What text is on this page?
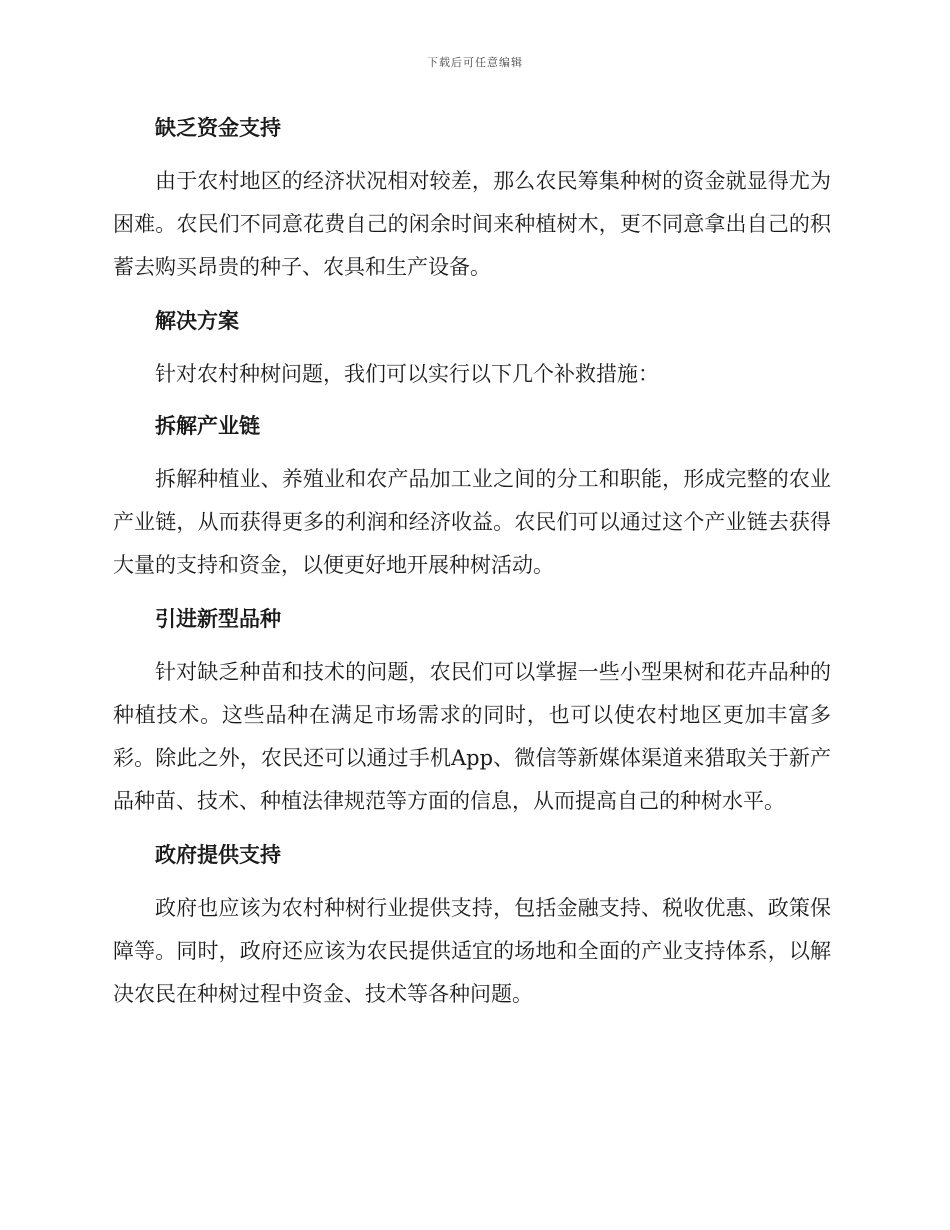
下载后可任意编辑
缺乏资金支持

由于农村地区的经济状况相对较差，那么农民筹集种树的资金就显得尤为困难。农民们不同意花费自己的闲余时间来种植树木，更不同意拿出自己的积蓄去购买昂贵的种子、农具和生产设备。

解决方案

针对农村种树问题，我们可以实行以下几个补救措施：

拆解产业链

拆解种植业、养殖业和农产品加工业之间的分工和职能，形成完整的农业产业链，从而获得更多的利润和经济收益。农民们可以通过这个产业链去获得大量的支持和资金，以便更好地开展种树活动。

引进新型品种

针对缺乏种苗和技术的问题，农民们可以掌握一些小型果树和花卉品种的种植技术。这些品种在满足市场需求的同时，也可以使农村地区更加丰富多彩。除此之外，农民还可以通过手机App、微信等新媒体渠道来猎取关于新产品种苗、技术、种植法律规范等方面的信息，从而提高自己的种树水平。

政府提供支持

政府也应该为农村种树行业提供支持，包括金融支持、税收优惠、政策保障等。同时，政府还应该为农民提供适宜的场地和全面的产业支持体系，以解决农民在种树过程中资金、技术等各种问题。
